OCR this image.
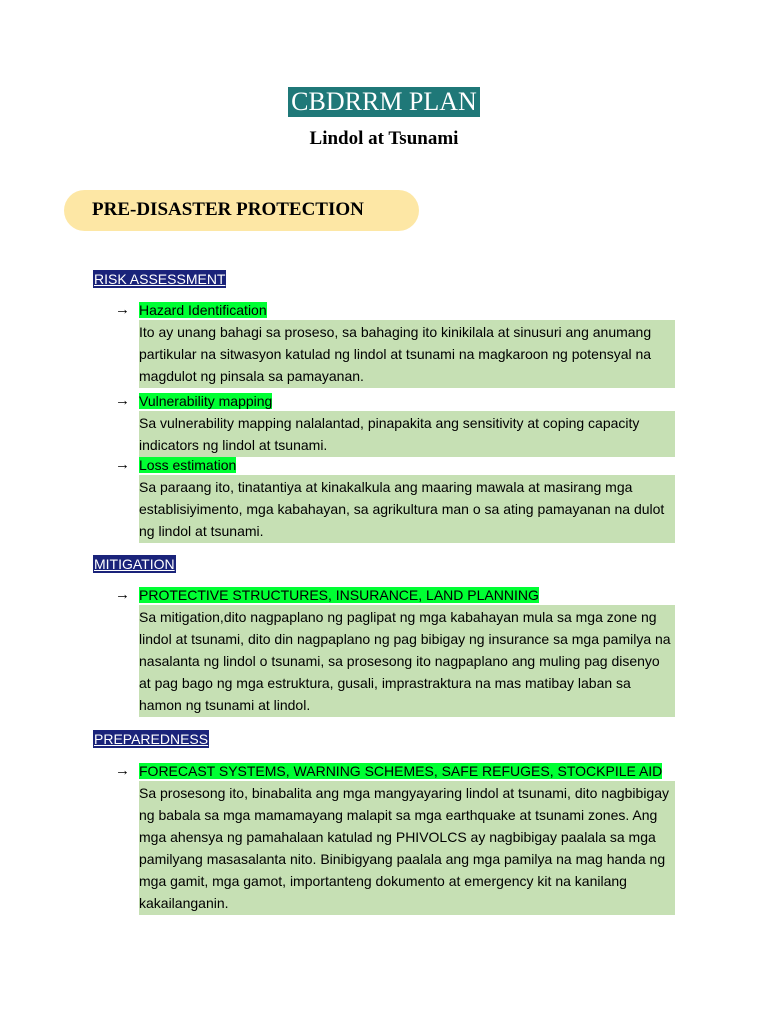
CBDRRM PLAN
Lindol at Tsunami
PRE-DISASTER PROTECTION
RISK ASSESSMENT
→ Hazard Identification
Ito ay unang bahagi sa proseso, sa bahaging ito kinikilala at sinusuri ang anumang partikular na sitwasyon katulad ng lindol at tsunami na magkaroon ng potensyal na magdulot ng pinsala sa pamayanan.
→ Vulnerability mapping
Sa vulnerability mapping nalalantad, pinapakita ang sensitivity at coping capacity indicators ng lindol at tsunami.
→ Loss estimation
Sa paraang ito, tinatantiya at kinakalkula ang maaring mawala at masirang mga establisiyimento, mga kabahayan, sa agrikultura man o sa ating pamayanan na dulot ng lindol at tsunami.
MITIGATION
→ PROTECTIVE STRUCTURES, INSURANCE, LAND PLANNING
Sa mitigation,dito nagpaplano ng paglipat ng mga kabahayan mula sa mga zone ng lindol at tsunami, dito din nagpaplano ng pag bibigay ng insurance sa mga pamilya na nasalanta ng lindol o tsunami, sa prosesong ito nagpaplano ang muling pag disenyo at pag bago ng mga estruktura, gusali, imprastraktura na mas matibay laban sa hamon ng tsunami at lindol.
PREPAREDNESS
→ FORECAST SYSTEMS, WARNING SCHEMES, SAFE REFUGES, STOCKPILE AID
Sa prosesong ito, binabalita ang mga mangyayaring lindol at tsunami, dito nagbibigay ng babala sa mga mamamayang malapit sa mga earthquake at tsunami zones. Ang mga ahensya ng pamahalaan katulad ng PHIVOLCS ay nagbibigay paalala sa mga pamilyang masasalanta nito. Binibigyang paalala ang mga pamilya na mag handa ng mga gamit, mga gamot, importanteng dokumento at emergency kit na kanilang kakailanganin.
